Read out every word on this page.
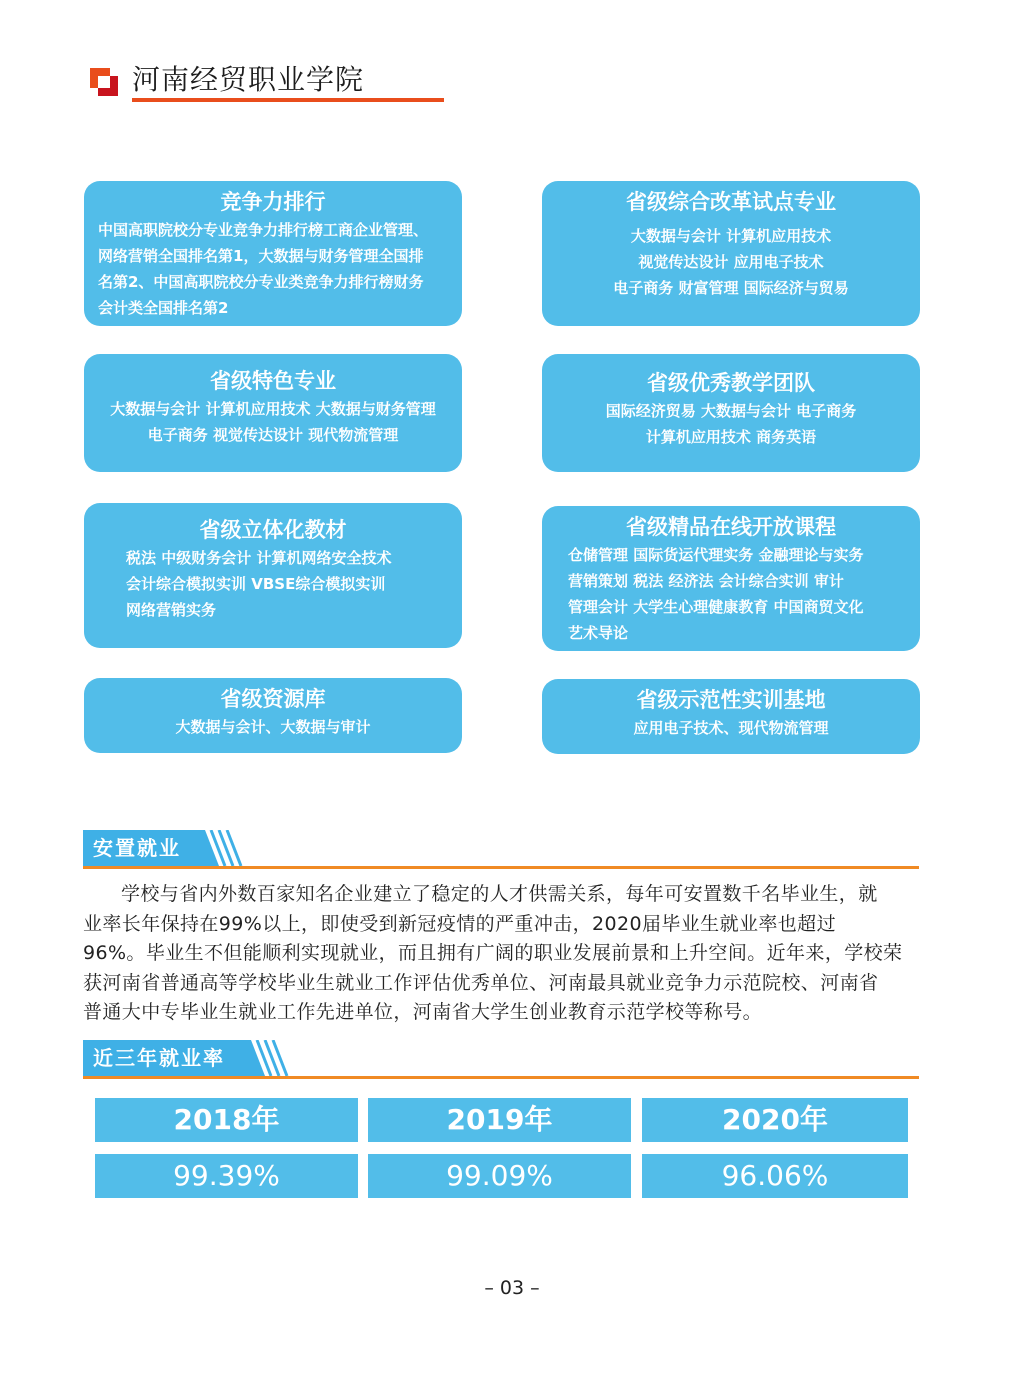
河南经贸职业学院
竞争力排行
中国高职院校分专业竞争力排行榜工商企业管理、
网络营销全国排名第1，大数据与财务管理全国排
名第2、中国高职院校分专业类竞争力排行榜财务
会计类全国排名第2
省级综合改革试点专业
大数据与会计 计算机应用技术
视觉传达设计 应用电子技术
电子商务 财富管理 国际经济与贸易
省级特色专业
大数据与会计 计算机应用技术 大数据与财务管理
电子商务 视觉传达设计 现代物流管理
省级优秀教学团队
国际经济贸易 大数据与会计 电子商务
计算机应用技术 商务英语
省级立体化教材
税法 中级财务会计 计算机网络安全技术
会计综合模拟实训 VBSE综合模拟实训
网络营销实务
省级精品在线开放课程
仓储管理 国际货运代理实务 金融理论与实务
营销策划 税法 经济法 会计综合实训 审计
管理会计 大学生心理健康教育 中国商贸文化
艺术导论
省级资源库
大数据与会计、大数据与审计
省级示范性实训基地
应用电子技术、现代物流管理
安置就业
学校与省内外数百家知名企业建立了稳定的人才供需关系，每年可安置数千名毕业生，就
业率长年保持在99%以上，即使受到新冠疫情的严重冲击，2020届毕业生就业率也超过
96%。毕业生不但能顺利实现就业，而且拥有广阔的职业发展前景和上升空间。近年来，学校荣
获河南省普通高等学校毕业生就业工作评估优秀单位、河南最具就业竞争力示范院校、河南省
普通大中专毕业生就业工作先进单位，河南省大学生创业教育示范学校等称号。
近三年就业率
2018年	2019年	2020年
99.39%	99.09%	96.06%
– 03 –
